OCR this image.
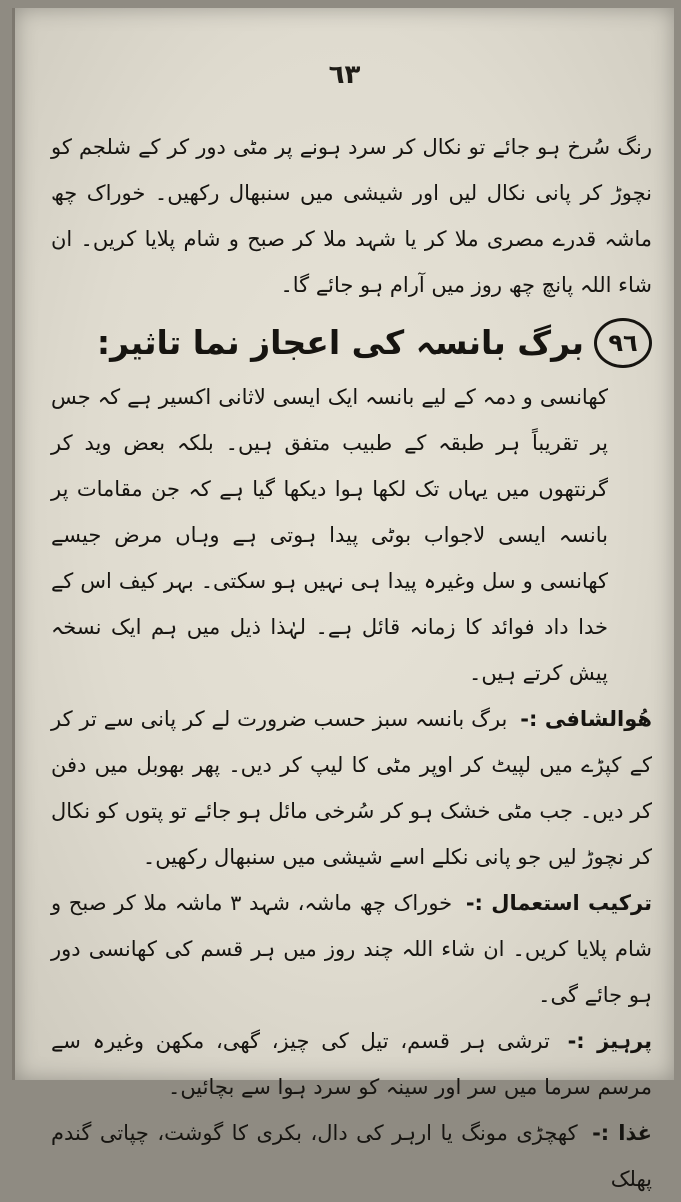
٦٣

رنگ سُرخ ہو جائے تو نکال کر سرد ہونے پر مٹی دور کر کے شلجم کو نچوڑ کر پانی نکال لیں اور شیشی میں سنبھال رکھیں۔ خوراک چھ ماشہ قدرے مصری ملا کر یا شہد ملا کر صبح و شام پلایا کریں۔ ان شاء اللہ پانچ چھ روز میں آرام ہو جائے گا۔

٩٦
برگ بانسہ کی اعجاز نما تاثیر:

کھانسی و دمہ کے لیے بانسہ ایک ایسی لاثانی اکسیر ہے کہ جس پر تقریباً ہر طبقہ کے طبیب متفق ہیں۔ بلکہ بعض وید کر گرنتھوں میں یہاں تک لکھا ہوا دیکھا گیا ہے کہ جن مقامات پر بانسہ ایسی لاجواب بوٹی پیدا ہوتی ہے وہاں مرض جیسے کھانسی و سل وغیرہ پیدا ہی نہیں ہو سکتی۔ بہر کیف اس کے خدا داد فوائد کا زمانہ قائل ہے۔ لہٰذا ذیل میں ہم ایک نسخہ پیش کرتے ہیں۔

ھُوالشافی :- برگ بانسہ سبز حسب ضرورت لے کر پانی سے تر کر کے کپڑے میں لپیٹ کر اوپر مٹی کا لیپ کر دیں۔ پھر بھوبل میں دفن کر دیں۔ جب مٹی خشک ہو کر سُرخی مائل ہو جائے تو پتوں کو نکال کر نچوڑ لیں جو پانی نکلے اسے شیشی میں سنبھال رکھیں۔

ترکیب استعمال :- خوراک چھ ماشہ، شہد ۳ ماشہ ملا کر صبح و شام پلایا کریں۔ ان شاء اللہ چند روز میں ہر قسم کی کھانسی دور ہو جائے گی۔

پرہیز :- ترشی ہر قسم، تیل کی چیز، گھی، مکھن وغیرہ سے مرسم سرما میں سر اور سینہ کو سرد ہوا سے بچائیں۔

غذا :- کھچڑی مونگ یا ارہر کی دال، بکری کا گوشت، چپاتی گندم پھلک
